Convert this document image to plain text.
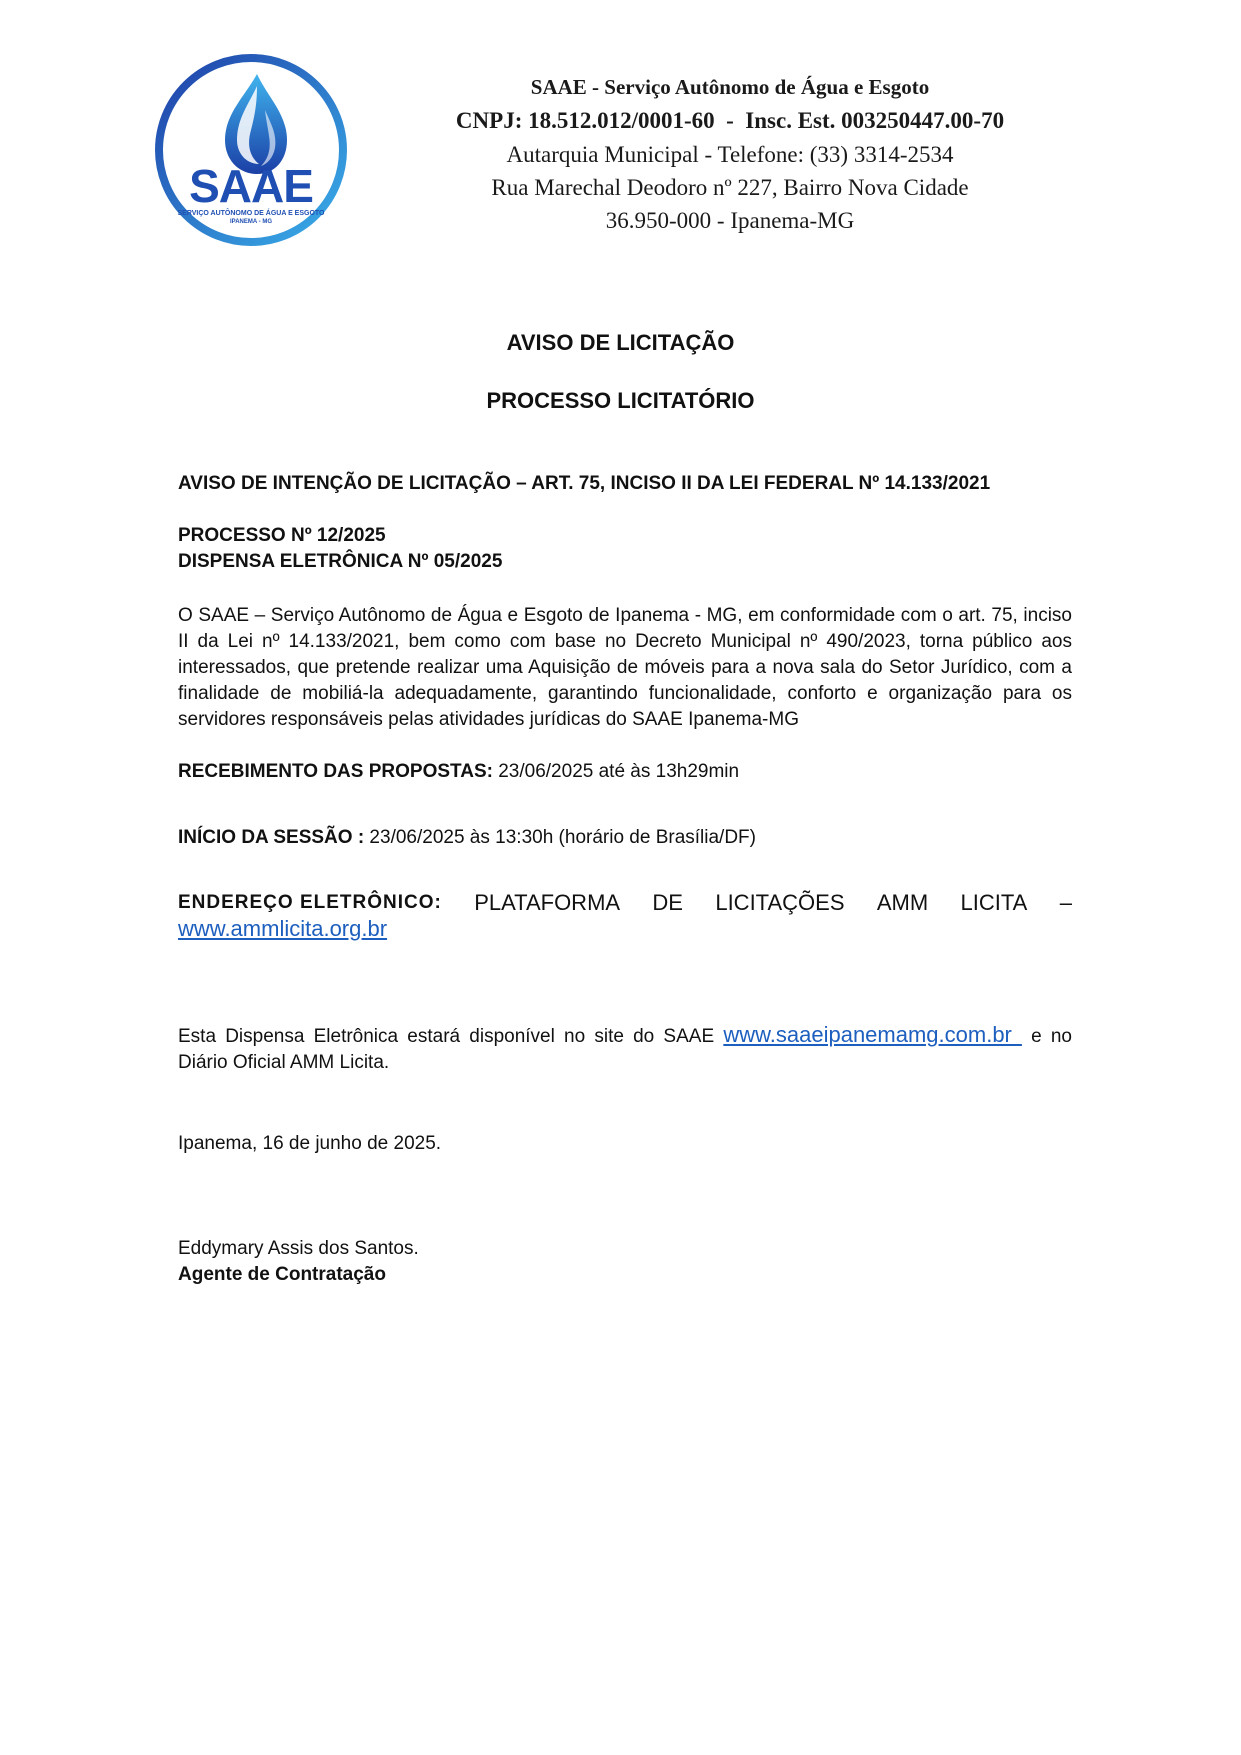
SAAE
SERVIÇO AUTÔNOMO DE ÁGUA E ESGOTO
IPANEMA - MG
SAAE - Serviço Autônomo de Água e Esgoto
CNPJ: 18.512.012/0001-60  -  Insc. Est. 003250447.00-70
Autarquia Municipal - Telefone: (33) 3314-2534
Rua Marechal Deodoro nº 227, Bairro Nova Cidade
36.950-000 - Ipanema-MG
AVISO DE LICITAÇÃO
PROCESSO LICITATÓRIO
AVISO DE INTENÇÃO DE LICITAÇÃO – ART. 75, INCISO II DA LEI FEDERAL Nº 14.133/2021
PROCESSO Nº 12/2025
DISPENSA ELETRÔNICA Nº 05/2025
O SAAE – Serviço Autônomo de Água e Esgoto de Ipanema - MG, em conformidade com o art. 75, inciso II da Lei nº 14.133/2021, bem como com base no Decreto Municipal nº 490/2023, torna público aos interessados, que pretende realizar uma Aquisição de móveis para a nova sala do Setor Jurídico, com a finalidade de mobiliá-la adequadamente, garantindo funcionalidade, conforto e organização para os servidores responsáveis pelas atividades jurídicas do SAAE Ipanema-MG
RECEBIMENTO DAS PROPOSTAS: 23/06/2025 até às 13h29min
INÍCIO DA SESSÃO : 23/06/2025 às 13:30h (horário de Brasília/DF)
ENDEREÇO ELETRÔNICO: PLATAFORMA DE LICITAÇÕES AMM LICITA –
www.ammlicita.org.br
Esta Dispensa Eletrônica estará disponível no site do SAAE www.saaeipanemamg.com.br  e no Diário Oficial AMM Licita.
Ipanema, 16 de junho de 2025.
Eddymary Assis dos Santos.
Agente de Contratação
